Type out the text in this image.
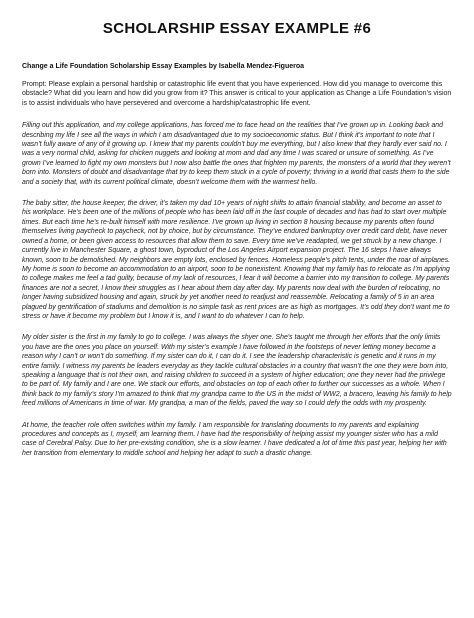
SCHOLARSHIP ESSAY EXAMPLE #6
Change a Life Foundation Scholarship Essay Examples by Isabella Mendez-Figueroa
Prompt: Please explain a personal hardship or catastrophic life event that you have experienced. How did you manage to overcome this obstacle? What did you learn and how did you grow from it? This answer is critical to your application as Change a Life Foundation’s vision is to assist individuals who have persevered and overcome a hardship/catastrophic life event.

Filling out this application, and my college applications, has forced me to face head on the realities that I’ve grown up in. Looking back and describing my life I see all the ways in which I am disadvantaged due to my socioeconomic status. But I think it’s important to note that I wasn’t fully aware of any of it growing up. I knew that my parents couldn’t buy me everything, but I also knew that they hardly ever said no. I was a very normal child, asking for chicken nuggets and looking at mom and dad any time I was scared or unsure of something. As I’ve grown I’ve learned to fight my own monsters but I now also battle the ones that frighten my parents, the monsters of a world that they weren’t born into. Monsters of doubt and disadvantage that try to keep them stuck in a cycle of poverty; thriving in a world that casts them to the side and a society that, with its current political climate, doesn’t welcome them with the warmest hello.

The baby sitter, the house keeper, the driver, it’s taken my dad 10+ years of night shifts to attain financial stability, and become an asset to his workplace. He’s been one of the millions of people who has been laid off in the last couple of decades and has had to start over multiple times. But each time he’s re-built himself with more resilience. I’ve grown up living in section 8 housing because my parents often found themselves living paycheck to paycheck, not by choice, but by circumstance. They’ve endured bankruptcy over credit card debt, have never owned a home, or been given access to resources that allow them to save. Every time we’ve readapted, we get struck by a new change. I currently live in Manchester Square, a ghost town, byproduct of the Los Angeles Airport expansion project. The 16 steps I have always known, soon to be demolished. My neighbors are empty lots, enclosed by fences. Homeless people’s pitch tents, under the roar of airplanes. My home is soon to become an accommodation to an airport, soon to be nonexistent. Knowing that my family has to relocate as I’m applying to college makes me feel a tad guilty, because of my lack of resources, I fear it will become a barrier into my transition to college. My parents finances are not a secret, I know their struggles as I hear about them day after day. My parents now deal with the burden of relocating, no longer having subsidized housing and again, struck by yet another need to readjust and reassemble. Relocating a family of 5 in an area plagued by gentrification of stadiums and demolition is no simple task as rent prices are as high as mortgages. It’s odd they don’t want me to stress or have it become my problem but I know it is, and I want to do whatever I can to help.

My older sister is the first in my family to go to college. I was always the shyer one. She’s taught me through her efforts that the only limits you have are the ones you place on yourself. With my sister’s example I have followed in the footsteps of never letting money become a reason why I can’t or won’t do something. If my sister can do it, I can do it. I see the leadership characteristic is genetic and it runs in my entire family. I witness my parents be leaders everyday as they tackle cultural obstacles in a country that wasn’t the one they were born into, speaking a language that is not their own, and raising children to succeed in a system of higher education; one they never had the privilege to be part of. My family and I are one. We stack our efforts, and obstacles on top of each other to further our successes as a whole. When I think back to my family’s story I’m amazed to think that my grandpa came to the US in the midst of WW2, a bracero, leaving his family to help feed millions of Americans in time of war. My grandpa, a man of the fields, paved the way so I could defy the odds with my prosperity.

At home, the teacher role often switches within my family. I am responsible for translating documents to my parents and explaining procedures and concepts as I, myself, am learning them. I have had the responsibility of helping assist my younger sister who has a mild case of Cerebral Palsy. Due to her pre-existing condition, she is a slow learner. I have dedicated a lot of time this past year, helping her with her transition from elementary to middle school and helping her adapt to such a drastic change.
